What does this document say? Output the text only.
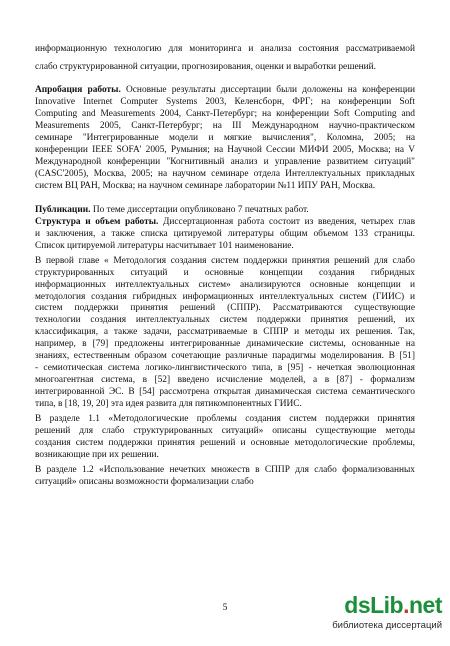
информационную технологию для мониторинга и анализа состояния рассматриваемой
слабо структурированной ситуации, прогнозирования, оценки и выработки решений.
Апробация работы. Основные результаты диссертации были доложены на конференции
Innovative Internet Computer Systems 2003, Келенсборн, ФРГ; на конференции Soft
Computing and Measurements 2004, Санкт-Петербург; на конференции Soft Computing and
Measurements 2005, Санкт-Петербург; на III Международном научно-практическом
семинаре "Интегрированные модели и мягкие вычисления", Коломна, 2005; на
конференции IEEE SOFA' 2005, Румыния; на Научной Сессии МИФИ 2005, Москва; на V
Международной конференции "Когнитивный анализ и управление развитием ситуаций"
(CASC'2005), Москва, 2005; на научном семинаре отдела Интеллектуальных прикладных
систем ВЦ РАН, Москва; на научном семинаре лаборатории №11 ИПУ РАН, Москва.
Публикации. По теме диссертации опубликовано 7 печатных работ.
Структура и объем работы. Диссертационная работа состоит из введения, четырех глав
и заключения, а также списка цитируемой литературы общим объемом 133 страницы.
Список цитируемой литературы насчитывает 101 наименование.
В первой главе « Методология создания систем поддержки принятия решений для слабо
структурированных ситуаций и основные концепции создания гибридных
информационных интеллектуальных систем» анализируются основные концепции и
методология создания гибридных информационных интеллектуальных систем (ГИИС) и
систем поддержки принятия решений (СППР). Рассматриваются существующие
технологии создания интеллектуальных систем поддержки принятия решений, их
классификация, а также задачи, рассматриваемые в СППР и методы их решения. Так,
например, в [79] предложены интегрированные динамические системы, основанные на
знаниях, естественным образом сочетающие различные парадигмы моделирования. В [51]
- семиотическая система логико-лингвистического типа, в [95] - нечеткая эволюционная
многоагентная система, в [52] введено исчисление моделей, а в [87] - формализм
интегрированной ЭС. В [54] рассмотрена открытая динамическая система семантического
типа, в [18, 19, 20] эта идея развита для пятикомпонентных ГИИС.
В разделе 1.1 «Методологические проблемы создания систем поддержки принятия
решений для слабо структурированных ситуаций» описаны существующие методы
создания систем поддержки принятия решений и основные методологические проблемы,
возникающие при их решении.
В разделе 1.2 «Использование нечетких множеств в СППР для слабо формализованных
ситуаций» описаны возможности формализации слабо
5	dsLib.net
библиотека диссертаций
